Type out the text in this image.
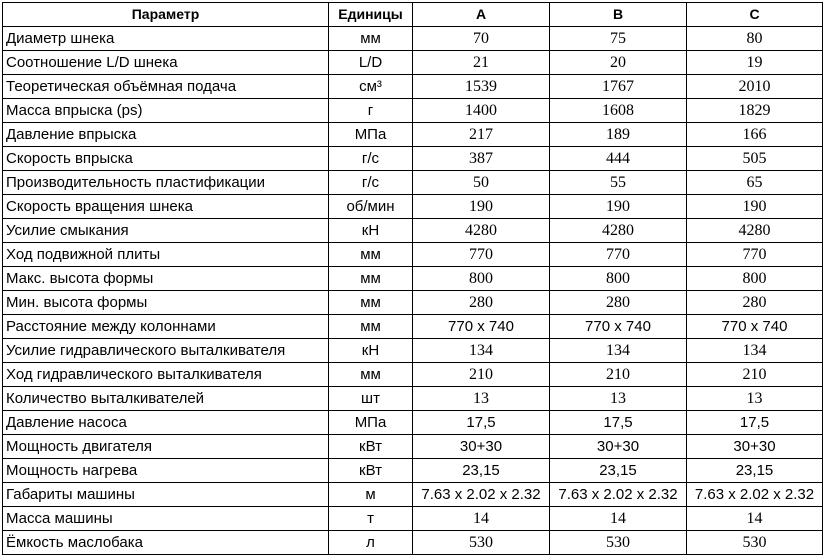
Параметр	Единицы	A	B	C
Диаметр шнека	мм	70	75	80
Соотношение L/D шнека	L/D	21	20	19
Теоретическая объёмная подача	см³	1539	1767	2010
Масса впрыска (ps)	г	1400	1608	1829
Давление впрыска	МПа	217	189	166
Скорость впрыска	г/с	387	444	505
Производительность пластификации	г/с	50	55	65
Скорость вращения шнека	об/мин	190	190	190
Усилие смыкания	кН	4280	4280	4280
Ход подвижной плиты	мм	770	770	770
Макс. высота формы	мм	800	800	800
Мин. высота формы	мм	280	280	280
Расстояние между колоннами	мм	770 x 740	770 x 740	770 x 740
Усилие гидравлического выталкивателя	кН	134	134	134
Ход гидравлического выталкивателя	мм	210	210	210
Количество выталкивателей	шт	13	13	13
Давление насоса	МПа	17,5	17,5	17,5
Мощность двигателя	кВт	30+30	30+30	30+30
Мощность нагрева	кВт	23,15	23,15	23,15
Габариты машины	м	7.63 x 2.02 x 2.32	7.63 x 2.02 x 2.32	7.63 x 2.02 x 2.32
Масса машины	т	14	14	14
Ёмкость маслобака	л	530	530	530
